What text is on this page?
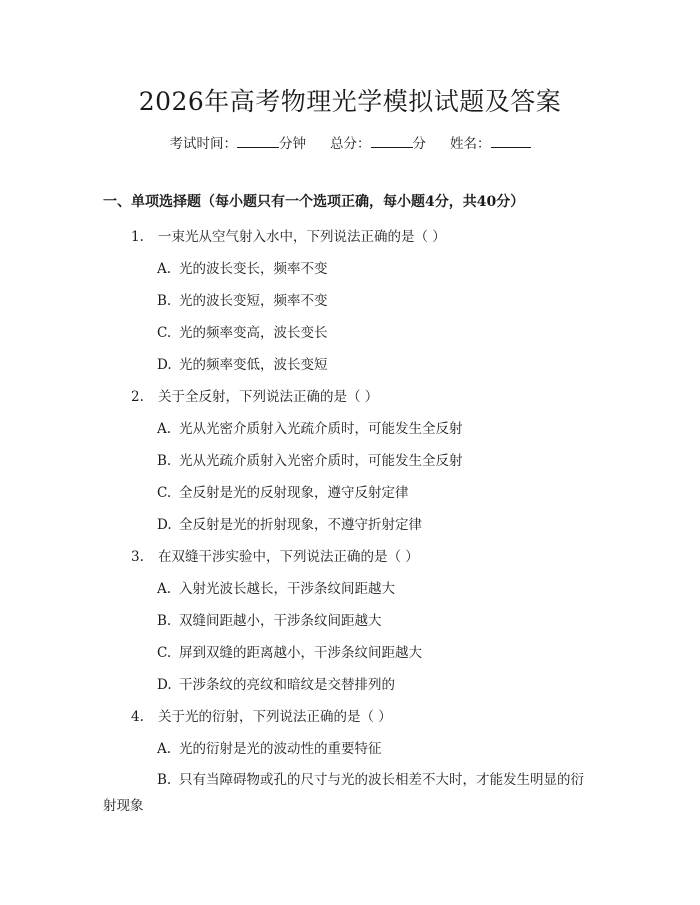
2026年高考物理光学模拟试题及答案
考试时间：	分钟 总分：	分 姓名：
一、单项选择题（每小题只有一个选项正确，每小题4分，共40分）
1. 一束光从空气射入水中，下列说法正确的是（ ）
A. 光的波长变长，频率不变
B. 光的波长变短，频率不变
C. 光的频率变高，波长变长
D. 光的频率变低，波长变短
2. 关于全反射，下列说法正确的是（ ）
A. 光从光密介质射入光疏介质时，可能发生全反射
B. 光从光疏介质射入光密介质时，可能发生全反射
C. 全反射是光的反射现象，遵守反射定律
D. 全反射是光的折射现象，不遵守折射定律
3. 在双缝干涉实验中，下列说法正确的是（ ）
A. 入射光波长越长，干涉条纹间距越大
B. 双缝间距越小，干涉条纹间距越大
C. 屏到双缝的距离越小，干涉条纹间距越大
D. 干涉条纹的亮纹和暗纹是交替排列的
4. 关于光的衍射，下列说法正确的是（ ）
A. 光的衍射是光的波动性的重要特征
B. 只有当障碍物或孔的尺寸与光的波长相差不大时，才能发生明显的衍
射现象
